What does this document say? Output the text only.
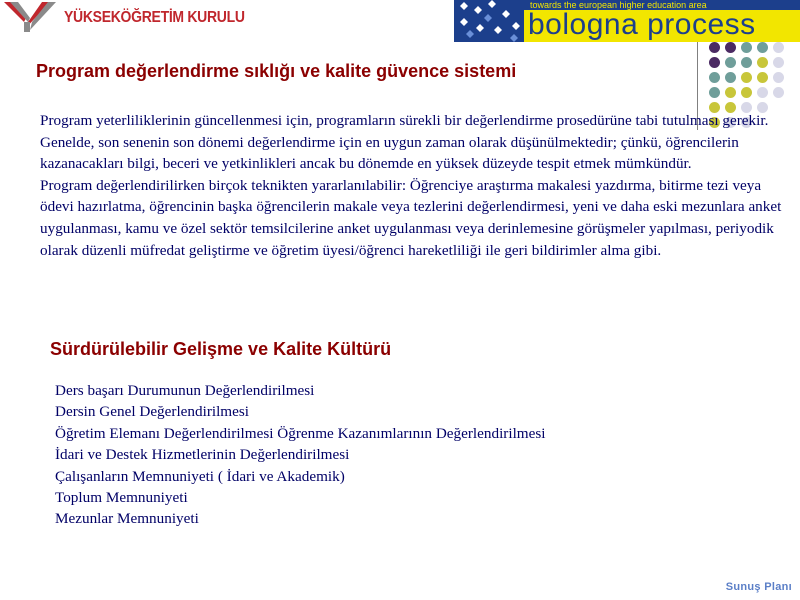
YÜKSEKÖĞRETİM KURULU
towards the european higher education area
bologna process
Program değerlendirme sıklığı ve kalite güvence sistemi
Program yeterliliklerinin güncellenmesi için, programların sürekli bir değerlendirme prosedürüne tabi tutulması gerekir. Genelde, son senenin son dönemi değerlendirme için en uygun zaman olarak düşünülmektedir; çünkü, öğrencilerin kazanacakları bilgi, beceri ve yetkinlikleri ancak bu dönemde en yüksek düzeyde tespit etmek mümkündür.
Program değerlendirilirken birçok teknikten yararlanılabilir: Öğrenciye araştırma makalesi yazdırma, bitirme tezi veya ödevi hazırlatma, öğrencinin başka öğrencilerin makale veya tezlerini değerlendirmesi, yeni ve daha eski mezunlara anket uygulanması, kamu ve özel sektör temsilcilerine anket uygulanması veya derinlemesine görüşmeler yapılması, periyodik olarak düzenli müfredat geliştirme ve öğretim üyesi/öğrenci hareketliliği ile geri bildirimler alma gibi.
Sürdürülebilir Gelişme ve Kalite Kültürü
Ders başarı Durumunun Değerlendirilmesi
Dersin Genel Değerlendirilmesi
Öğretim Elemanı Değerlendirilmesi Öğrenme Kazanımlarının Değerlendirilmesi
İdari ve Destek Hizmetlerinin Değerlendirilmesi
Çalışanların Memnuniyeti ( İdari ve Akademik)
Toplum Memnuniyeti
Mezunlar Memnuniyeti
Sunuş Planı
